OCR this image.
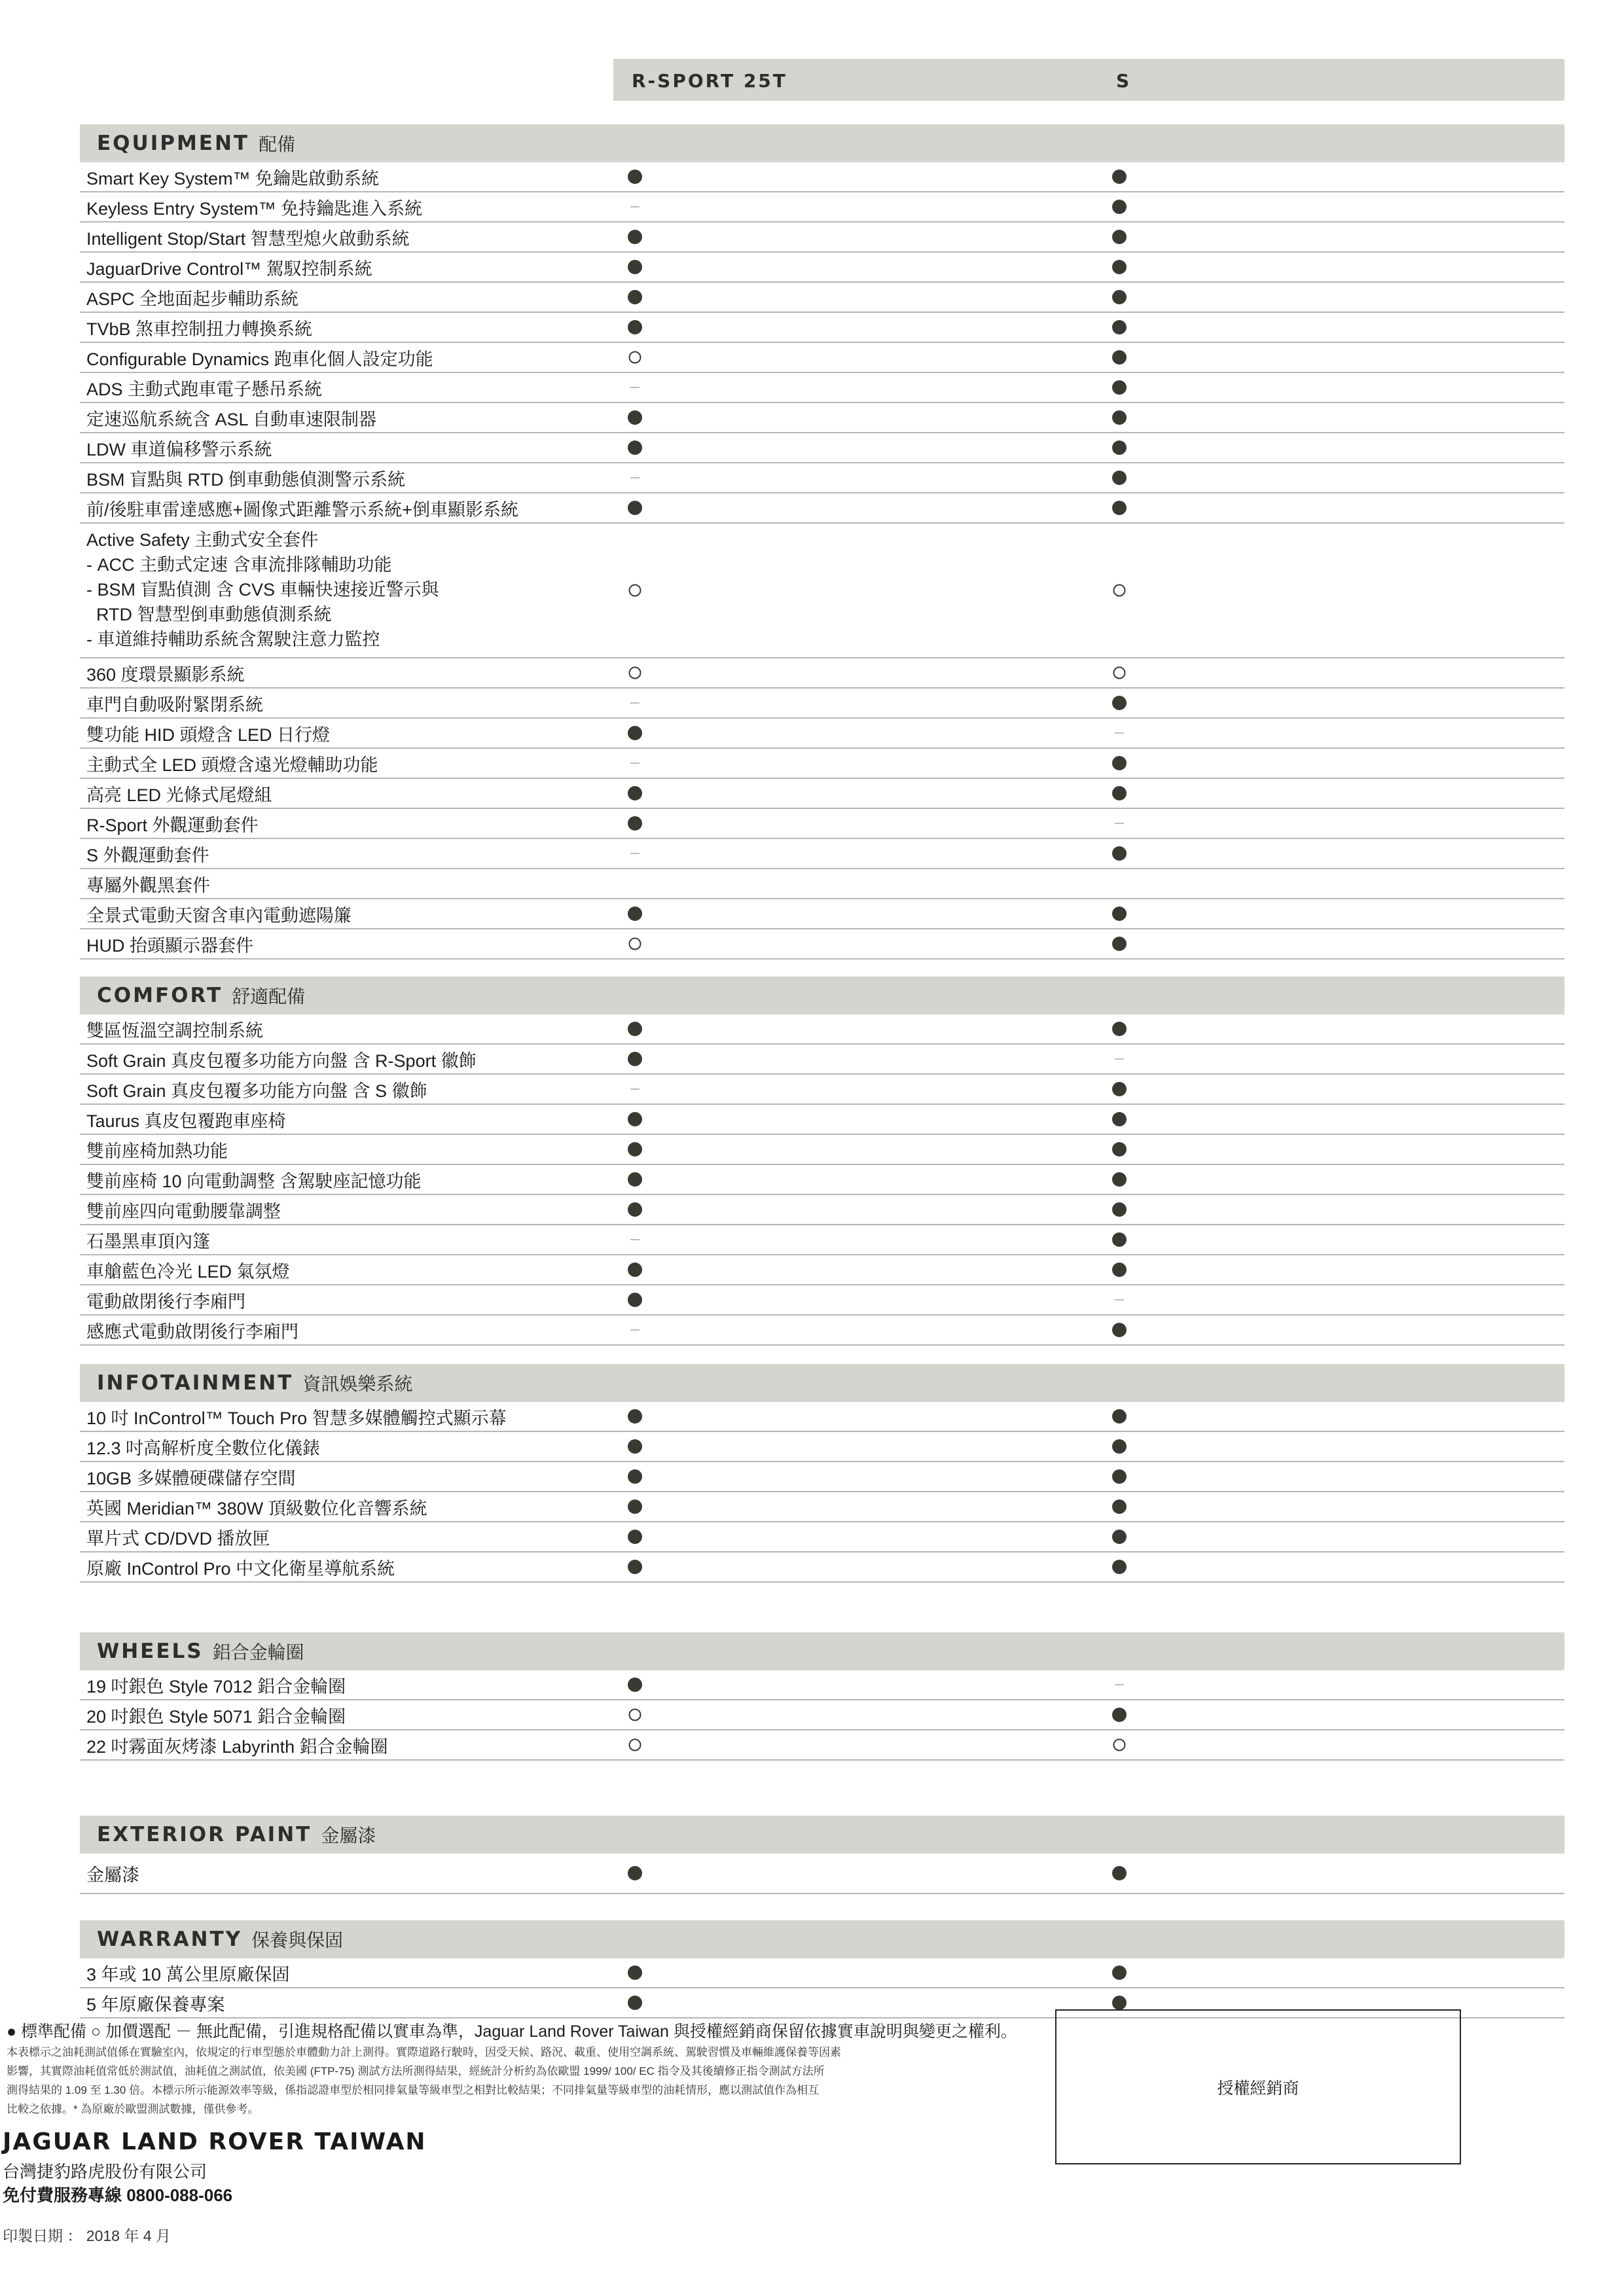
R-SPORT 25T	S
EQUIPMENT 配備
Smart Key System™ 免鑰匙啟動系統
Keyless Entry System™ 免持鑰匙進入系統
Intelligent Stop/Start 智慧型熄火啟動系統
JaguarDrive Control™ 駕馭控制系統
ASPC 全地面起步輔助系統
TVbB 煞車控制扭力轉換系統
Configurable Dynamics 跑車化個人設定功能
ADS 主動式跑車電子懸吊系統
定速巡航系統含 ASL 自動車速限制器
LDW 車道偏移警示系統
BSM 盲點與 RTD 倒車動態偵測警示系統
前/後駐車雷達感應+圖像式距離警示系統+倒車顯影系統
Active Safety 主動式安全套件
- ACC 主動式定速 含車流排隊輔助功能
- BSM 盲點偵測 含 CVS 車輛快速接近警示與
RTD 智慧型倒車動態偵測系統
- 車道維持輔助系統含駕駛注意力監控
360 度環景顯影系統
車門自動吸附緊閉系統
雙功能 HID 頭燈含 LED 日行燈
主動式全 LED 頭燈含遠光燈輔助功能
高亮 LED 光條式尾燈組
R-Sport 外觀運動套件
S 外觀運動套件
專屬外觀黑套件
全景式電動天窗含車內電動遮陽簾
HUD 抬頭顯示器套件
COMFORT 舒適配備
雙區恆溫空調控制系統
Soft Grain 真皮包覆多功能方向盤 含 R-Sport 徽飾
Soft Grain 真皮包覆多功能方向盤 含 S 徽飾
Taurus 真皮包覆跑車座椅
雙前座椅加熱功能
雙前座椅 10 向電動調整 含駕駛座記憶功能
雙前座四向電動腰靠調整
石墨黑車頂內篷
車艙藍色冷光 LED 氣氛燈
電動啟閉後行李廂門
感應式電動啟閉後行李廂門
INFOTAINMENT 資訊娛樂系統
10 吋 InControl™ Touch Pro 智慧多媒體觸控式顯示幕
12.3 吋高解析度全數位化儀錶
10GB 多媒體硬碟儲存空間
英國 Meridian™ 380W 頂級數位化音響系統
單片式 CD/DVD 播放匣
原廠 InControl Pro 中文化衛星導航系統
WHEELS 鋁合金輪圈
19 吋銀色 Style 7012 鋁合金輪圈
20 吋銀色 Style 5071 鋁合金輪圈
22 吋霧面灰烤漆 Labyrinth 鋁合金輪圈
EXTERIOR PAINT 金屬漆
金屬漆
WARRANTY 保養與保固
3 年或 10 萬公里原廠保固
5 年原廠保養專案
● 標準配備 ○ 加價選配 － 無此配備，引進規格配備以實車為準，Jaguar Land Rover Taiwan 與授權經銷商保留依據實車說明與變更之權利。
本表標示之油耗測試值係在實驗室內，依規定的行車型態於車體動力計上測得。實際道路行駛時，因受天候、路況、載重、使用空調系統、駕駛習慣及車輛維護保養等因素
影響，其實際油耗值常低於測試值，油耗值之測試值，依美國 (FTP-75) 測試方法所測得結果，經統計分析約為依歐盟 1999/ 100/ EC 指令及其後續修正指令測試方法所
測得結果的 1.09 至 1.30 倍。本標示所示能源效率等級，係指認證車型於相同排氣量等級車型之相對比較結果；不同排氣量等級車型的油耗情形，應以測試值作為相互
比較之依據。* 為原廠於歐盟測試數據，僅供參考。
JAGUAR LAND ROVER TAIWAN
台灣捷豹路虎股份有限公司
免付費服務專線 0800-088-066
印製日期 ： 2018 年 4 月
授權經銷商
